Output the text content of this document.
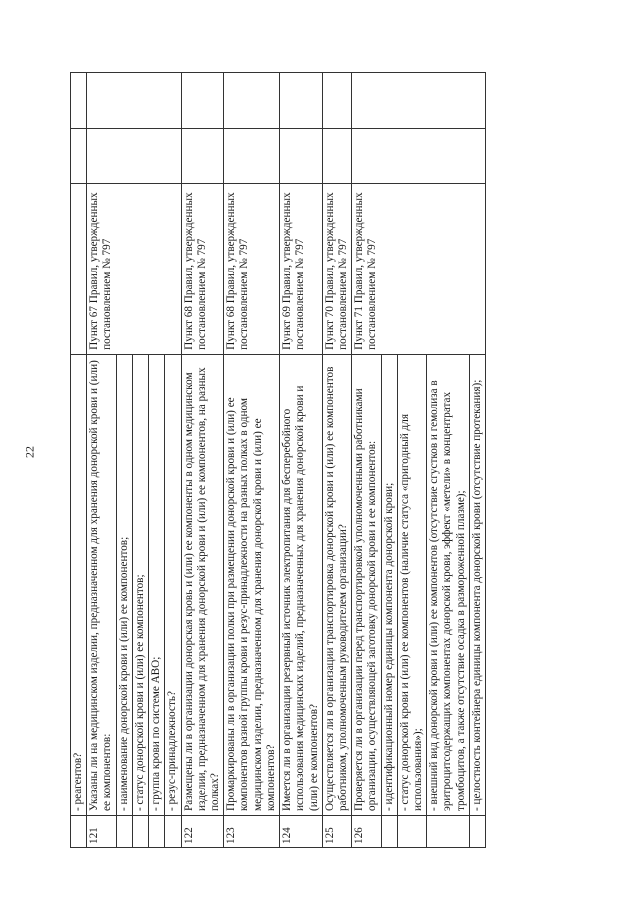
22
	- реагентов?			
121	Указаны ли на медицинском изделии, предназначенном для хранения донорской крови и (или) ее компонентов:	Пункт 67 Правил, утвержденных постановлением № 797		
	- наименование донорской крови и (или) ее компонентов;			
	- статус донорской крови и (или) ее компонентов;			
	- группа крови по системе АВО;			
	- резус-принадлежность?			
122	Размещены ли в организации донорская кровь и (или) ее компоненты в одном медицинском изделии, предназначенном для хранения донорской крови и (или) ее компонентов, на разных полках?	Пункт 68 Правил, утвержденных постановлением № 797		
123	Промаркированы ли в организации полки при размещении донорской крови и (или) ее компонентов разной группы крови и резус-принадлежности на разных полках в одном медицинском изделии, предназначенном для хранения донорской крови и (или) ее компонентов?	Пункт 68 Правил, утвержденных постановлением № 797		
124	Имеется ли в организации резервный источник электропитания для бесперебойного использования медицинских изделий, предназначенных для хранения донорской крови и (или) ее компонентов?	Пункт 69 Правил, утвержденных постановлением № 797		
125	Осуществляется ли в организации транспортировка донорской крови и (или) ее компонентов работником, уполномоченным руководителем организации?	Пункт 70 Правил, утвержденных постановлением № 797		
126	Проверяется ли в организации перед транспортировкой уполномоченными работниками организации, осуществляющей заготовку донорской крови и ее компонентов:	Пункт 71 Правил, утвержденных постановлением № 797		
	- идентификационный номер единицы компонента донорской крови;			
	- статус донорской крови и (или) ее компонентов (наличие статуса «пригодный для использования»);			
	- внешний вид донорской крови и (или) ее компонентов (отсутствие сгустков и гемолиза в эритроцитсодержащих компонентах донорской крови, эффект «метели» в концентратах тромбоцитов, а также отсутствие осадка в размороженной плазме);			
	- целостность контейнера единицы компонента донорской крови (отсутствие протекания);			
